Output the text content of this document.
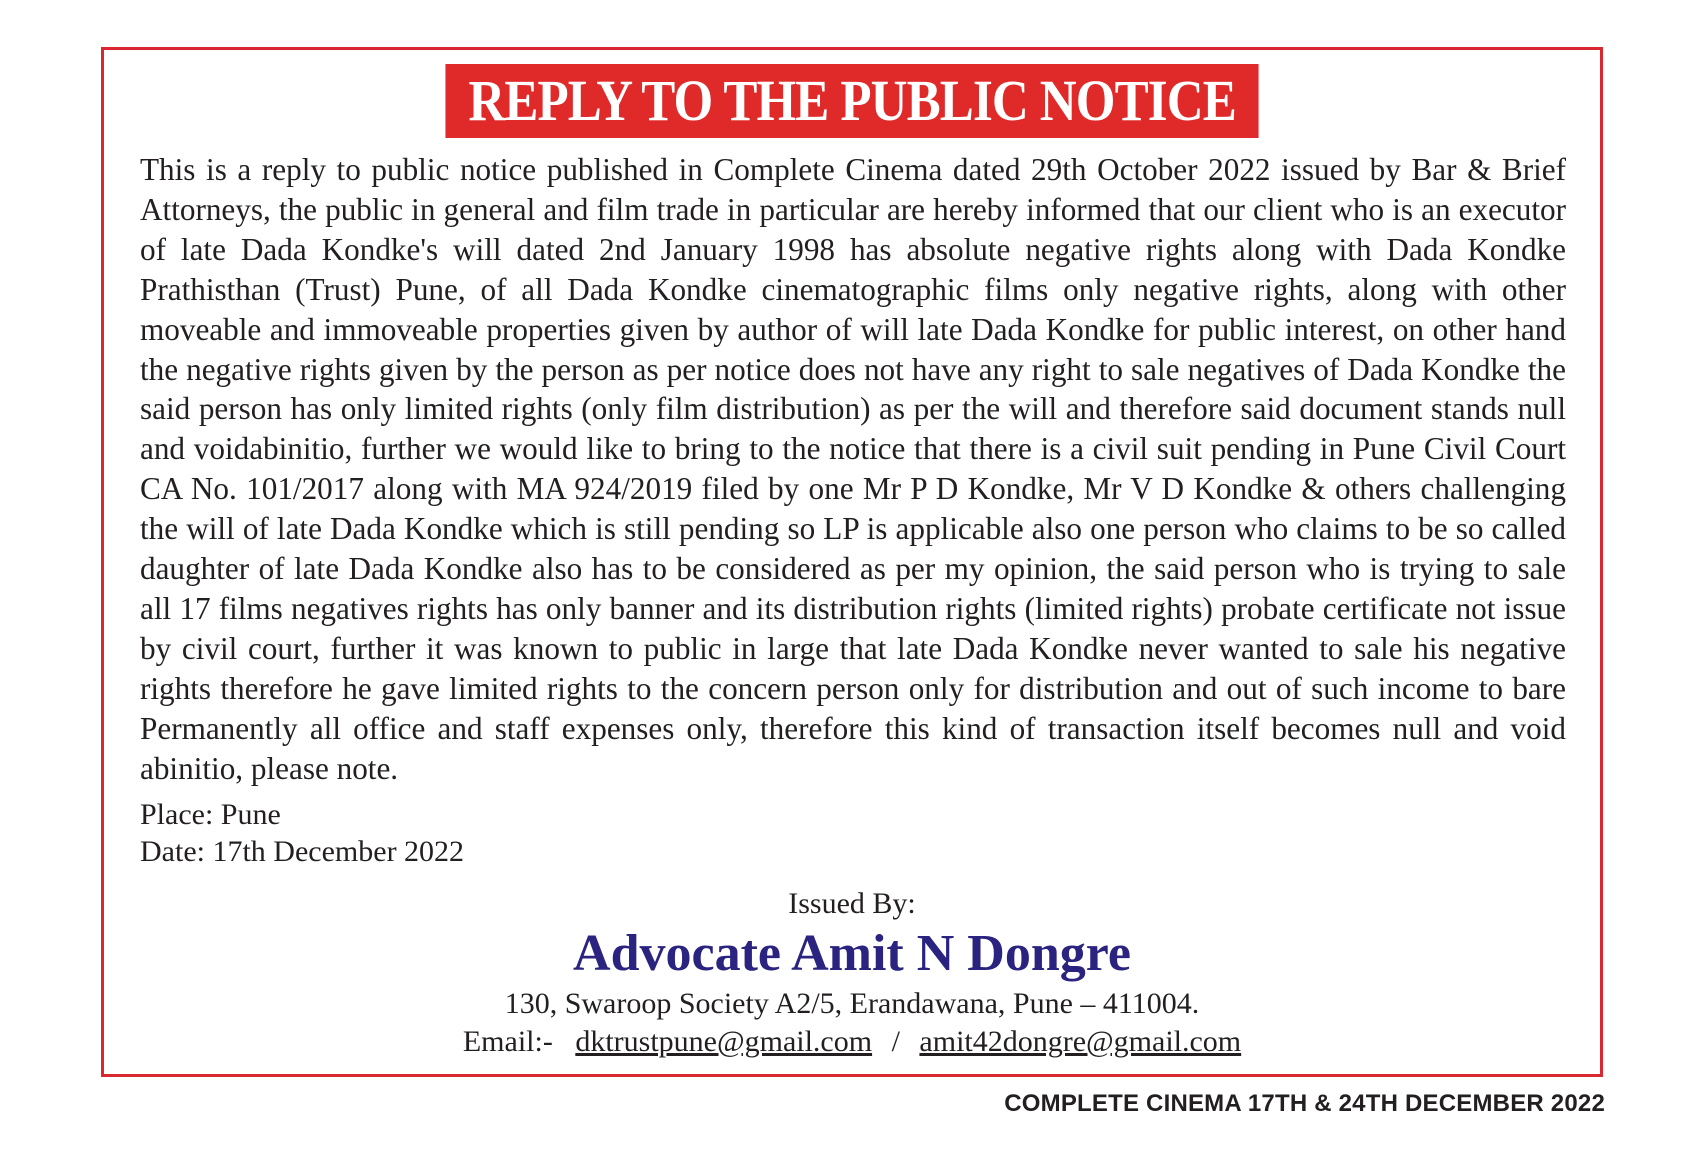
REPLY TO THE PUBLIC NOTICE

This is a reply to public notice published in Complete Cinema dated 29th October 2022 issued by Bar & Brief Attorneys, the public in general and film trade in particular are hereby informed that our client who is an executor of late Dada Kondke's will dated 2nd January 1998 has absolute negative rights along with Dada Kondke Prathisthan (Trust) Pune, of all Dada Kondke cinematographic films only negative rights, along with other moveable and immoveable properties given by author of will late Dada Kondke for public interest, on other hand the negative rights given by the person as per notice does not have any right to sale negatives of Dada Kondke the said person has only limited rights (only film distribution) as per the will and therefore said document stands null and voidabinitio, further we would like to bring to the notice that there is a civil suit pending in Pune Civil Court CA No. 101/2017 along with MA 924/2019 filed by one Mr P D Kondke, Mr V D Kondke & others challenging the will of late Dada Kondke which is still pending so LP is applicable also one person who claims to be so called daughter of late Dada Kondke also has to be considered as per my opinion, the said person who is trying to sale all 17 films negatives rights has only banner and its distribution rights (limited rights) probate certificate not issue by civil court, further it was known to public in large that late Dada Kondke never wanted to sale his negative rights therefore he gave limited rights to the concern person only for distribution and out of such income to bare Permanently all office and staff expenses only, therefore this kind of transaction itself becomes null and void abinitio, please note.

Place: Pune
Date: 17th December 2022
Issued By:
Advocate Amit N Dongre
130, Swaroop Society A2/5, Erandawana, Pune – 411004.
Email:- dktrustpune@gmail.com / amit42dongre@gmail.com
COMPLETE CINEMA 17TH & 24TH DECEMBER 2022
